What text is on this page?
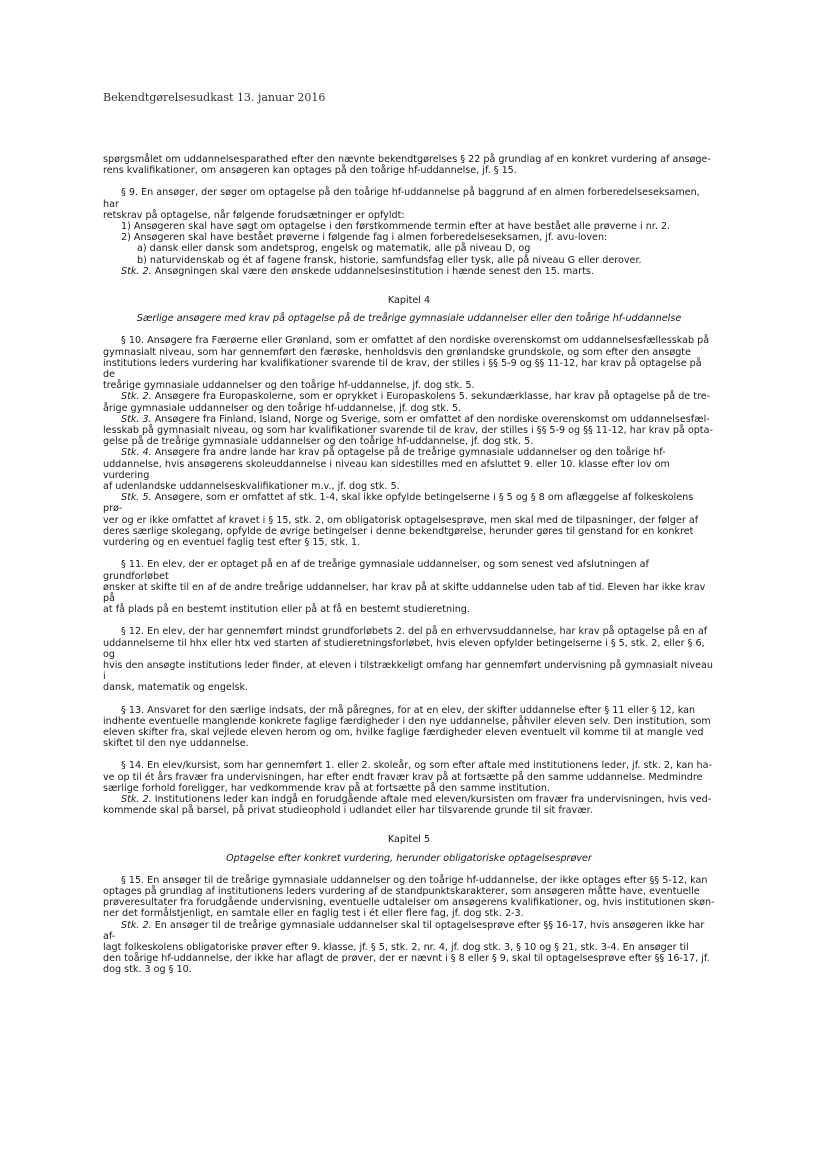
Bekendtgørelsesudkast 13. januar 2016

spørgsmålet om uddannelsesparathed efter den nævnte bekendtgørelses § 22 på grundlag af en konkret vurdering af ansøge-

rens kvalifikationer, om ansøgeren kan optages på den toårige hf-uddannelse, jf. § 15.

§ 9. En ansøger, der søger om optagelse på den toårige hf-uddannelse på baggrund af en almen forberedelseseksamen, har

retskrav på optagelse, når følgende forudsætninger er opfyldt:

1) Ansøgeren skal have søgt om optagelse i den førstkommende termin efter at have bestået alle prøverne i nr. 2.

2) Ansøgeren skal have bestået prøverne i følgende fag i almen forberedelseseksamen, jf. avu-loven:

a) dansk eller dansk som andetsprog, engelsk og matematik, alle på niveau D, og

b) naturvidenskab og ét af fagene fransk, historie, samfundsfag eller tysk, alle på niveau G eller derover.

Stk. 2. Ansøgningen skal være den ønskede uddannelsesinstitution i hænde senest den 15. marts.

Kapitel 4

Særlige ansøgere med krav på optagelse på de treårige gymnasiale uddannelser eller den toårige hf-uddannelse

§ 10. Ansøgere fra Færøerne eller Grønland, som er omfattet af den nordiske overenskomst om uddannelsesfællesskab på

gymnasialt niveau, som har gennemført den færøske, henholdsvis den grønlandske grundskole, og som efter den ansøgte

institutions leders vurdering har kvalifikationer svarende til de krav, der stilles i §§ 5-9 og §§ 11-12, har krav på optagelse på de

treårige gymnasiale uddannelser og den toårige hf-uddannelse, jf. dog stk. 5.

Stk. 2. Ansøgere fra Europaskolerne, som er oprykket i Europaskolens 5. sekundærklasse, har krav på optagelse på de tre-

årige gymnasiale uddannelser og den toårige hf-uddannelse, jf. dog stk. 5.

Stk. 3. Ansøgere fra Finland, Island, Norge og Sverige, som er omfattet af den nordiske overenskomst om uddannelsesfæl-

lesskab på gymnasialt niveau, og som har kvalifikationer svarende til de krav, der stilles i §§ 5-9 og §§ 11-12, har krav på opta-

gelse på de treårige gymnasiale uddannelser og den toårige hf-uddannelse, jf. dog stk. 5.

Stk. 4. Ansøgere fra andre lande har krav på optagelse på de treårige gymnasiale uddannelser og den toårige hf-

uddannelse, hvis ansøgerens skoleuddannelse i niveau kan sidestilles med en afsluttet 9. eller 10. klasse efter lov om vurdering

af udenlandske uddannelseskvalifikationer m.v., jf. dog stk. 5.

Stk. 5. Ansøgere, som er omfattet af stk. 1-4, skal ikke opfylde betingelserne i § 5 og § 8 om aflæggelse af folkeskolens prø-

ver og er ikke omfattet af kravet i § 15, stk. 2, om obligatorisk optagelsesprøve, men skal med de tilpasninger, der følger af

deres særlige skolegang, opfylde de øvrige betingelser i denne bekendtgørelse, herunder gøres til genstand for en konkret

vurdering og en eventuel faglig test efter § 15, stk. 1.

§ 11. En elev, der er optaget på en af de treårige gymnasiale uddannelser, og som senest ved afslutningen af grundforløbet

ønsker at skifte til en af de andre treårige uddannelser, har krav på at skifte uddannelse uden tab af tid. Eleven har ikke krav på

at få plads på en bestemt institution eller på at få en bestemt studieretning.

§ 12. En elev, der har gennemført mindst grundforløbets 2. del på en erhvervsuddannelse, har krav på optagelse på en af

uddannelserne til hhx eller htx ved starten af studieretningsforløbet, hvis eleven opfylder betingelserne i § 5, stk. 2, eller § 6, og

hvis den ansøgte institutions leder finder, at eleven i tilstrækkeligt omfang har gennemført undervisning på gymnasialt niveau i

dansk, matematik og engelsk.

§ 13. Ansvaret for den særlige indsats, der må påregnes, for at en elev, der skifter uddannelse efter § 11 eller § 12, kan

indhente eventuelle manglende konkrete faglige færdigheder i den nye uddannelse, påhviler eleven selv. Den institution, som

eleven skifter fra, skal vejlede eleven herom og om, hvilke faglige færdigheder eleven eventuelt vil komme til at mangle ved

skiftet til den nye uddannelse.

§ 14. En elev/kursist, som har gennemført 1. eller 2. skoleår, og som efter aftale med institutionens leder, jf. stk. 2, kan ha-

ve op til ét års fravær fra undervisningen, har efter endt fravær krav på at fortsætte på den samme uddannelse. Medmindre

særlige forhold foreligger, har vedkommende krav på at fortsætte på den samme institution.

Stk. 2. Institutionens leder kan indgå en forudgående aftale med eleven/kursisten om fravær fra undervisningen, hvis ved-

kommende skal på barsel, på privat studieophold i udlandet eller har tilsvarende grunde til sit fravær.

Kapitel 5

Optagelse efter konkret vurdering, herunder obligatoriske optagelsesprøver

§ 15. En ansøger til de treårige gymnasiale uddannelser og den toårige hf-uddannelse, der ikke optages efter §§ 5-12, kan

optages på grundlag af institutionens leders vurdering af de standpunktskarakterer, som ansøgeren måtte have, eventuelle

prøveresultater fra forudgående undervisning, eventuelle udtalelser om ansøgerens kvalifikationer, og, hvis institutionen skøn-

ner det formålstjenligt, en samtale eller en faglig test i ét eller flere fag, jf. dog stk. 2-3.

Stk. 2. En ansøger til de treårige gymnasiale uddannelser skal til optagelsesprøve efter §§ 16-17, hvis ansøgeren ikke har af-

lagt folkeskolens obligatoriske prøver efter 9. klasse, jf. § 5, stk. 2, nr. 4, jf. dog stk. 3, § 10 og § 21, stk. 3-4. En ansøger til

den toårige hf-uddannelse, der ikke har aflagt de prøver, der er nævnt i § 8 eller § 9, skal til optagelsesprøve efter §§ 16-17, jf.

dog stk. 3 og § 10.
